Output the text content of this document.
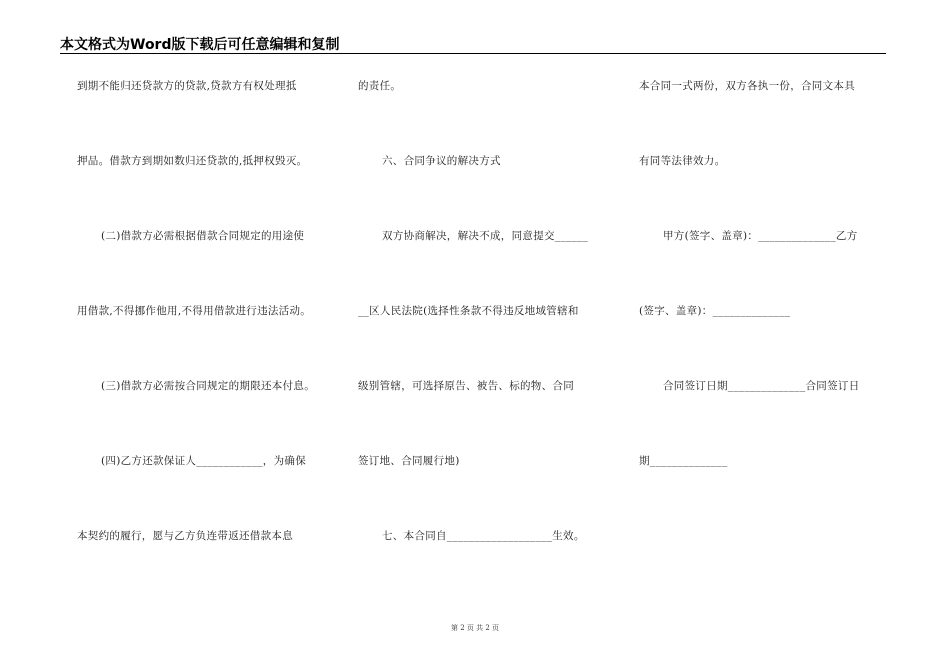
本文格式为Word版下载后可任意编辑和复制
到期不能归还贷款方的贷款,贷款方有权处理抵
押品。借款方到期如数归还贷款的,抵押权毁灭。
(二)借款方必需根据借款合同规定的用途使
用借款,不得挪作他用,不得用借款进行违法活动。
(三)借款方必需按合同规定的期限还本付息。
(四)乙方还款保证人____________，为确保
本契约的履行，愿与乙方负连带返还借款本息
的责任。
六、合同争议的解决方式
双方协商解决，解决不成，同意提交______
__区人民法院(选择性条款不得违反地域管辖和
级别管辖，可选择原告、被告、标的物、合同
签订地、合同履行地)
七、本合同自___________________生效。
本合同一式两份，双方各执一份，合同文本具
有同等法律效力。
甲方(签字、盖章)：______________乙方
(签字、盖章)：______________
合同签订日期______________合同签订日
期______________
第 2 页 共 2 页
